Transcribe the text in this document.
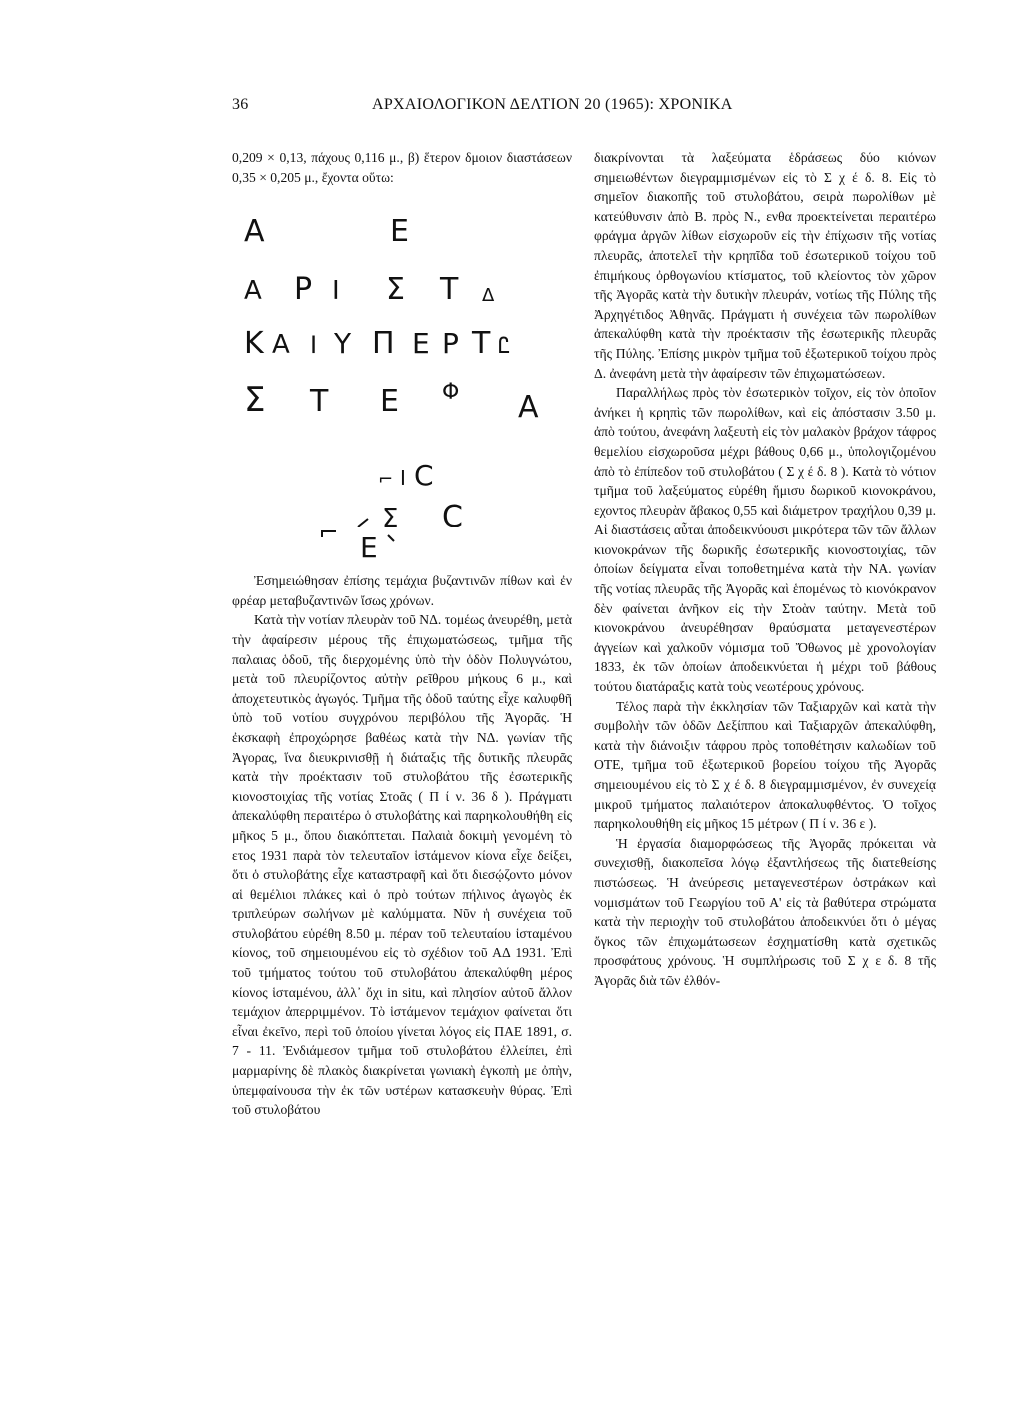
36	ΑΡΧΑΙΟΛΟΓΙΚΟΝ ΔΕΛΤΙΟΝ 20 (1965): ΧΡΟΝΙΚΑ

0,209 × 0,13, πάχους 0,116 μ., β) ἕτερον δμοιον διαστάσεων 0,35 × 0,205 μ., ἔχοντα οὕτω:

Α	Ε
Α Ρ Ι Σ Τ ᐃ
Κ Α Ι Υ Π Ε Ρ Τ Ꮭ
Σ Τ Ε Φ Α
⌐ Ι C
Σ C
Ε

Ἐσημειώθησαν ἐπίσης τεμάχια βυζαντινῶν πίθων καὶ ἐν φρέαρ μεταβυζαντινῶν ἴσως χρόνων.

Κατὰ τὴν νοτίαν πλευρὰν τοῦ ΝΔ. τομέως ἀνευρέθη, μετὰ τὴν ἀφαίρεσιν μέρους τῆς ἐπιχωματώσεως, τμῆμα τῆς παλαιας ὁδοῦ, τῆς διερχομένης ὑπὸ τὴν ὁδὸν Πολυγνώτου, μετὰ τοῦ πλευρίζοντος αὐτὴν ρεῖθρου μήκους 6 μ., καὶ ἀποχετευτικὸς ἀγωγός. Τμῆμα τῆς ὁδοῦ ταύτης εἶχε καλυφθῆ ὑπὸ τοῦ νοτίου συγχρόνου περιβόλου τῆς Ἀγορᾶς. Ἡ ἐκσκαφὴ ἐπροχώρησε βαθέως κατὰ τὴν ΝΔ. γωνίαν τῆς Ἀγορας, ἵνα διευκρινισθῇ ἡ διάταξις τῆς δυτικῆς πλευρᾶς κατὰ τὴν προέκτασιν τοῦ στυλοβάτου τῆς ἐσωτερικῆς κιονοστοιχίας τῆς νοτίας Στοᾶς ( Π ί ν. 36 δ ). Πράγματι ἀπεκαλύφθη περαιτέρω ὁ στυλοβάτης καὶ παρηκολουθήθη εἰς μῆκος 5 μ., ὅπου διακόπτεται. Παλαιὰ δοκιμὴ γενομένη τὸ ετος 1931 παρὰ τὸν τελευταῖον ἱστάμενον κίονα εἶχε δείξει, ὅτι ὁ στυλοβάτης εἶχε καταστραφῆ καὶ ὅτι διεσῴζοντο μόνον αἱ θεμέλιοι πλάκες καὶ ὁ πρὸ τούτων πήλινος ἀγωγὸς ἐκ τριπλεύρων σωλήνων μὲ καλύμματα. Νῦν ἡ συνέχεια τοῦ στυλοβάτου εὑρέθη 8.50 μ. πέραν τοῦ τελευταίου ἱσταμένου κίονος, τοῦ σημειουμένου εἰς τὸ σχέδιον τοῦ ΑΔ 1931. Ἐπὶ τοῦ τμήματος τούτου τοῦ στυλοβάτου ἀπεκαλύφθη μέρος κίονος ἱσταμένου, ἀλλ᾽ ὄχι in situ, καὶ πλησίον αὐτοῦ ἄλλον τεμάχιον ἀπερριμμένον. Τὸ ἱστάμενον τεμάχιον φαίνεται ὅτι εἶναι ἐκεῖνο, περὶ τοῦ ὁποίου γίνεται λόγος εἰς ΠΑΕ 1891, σ. 7 - 11. Ἐνδιάμεσον τμῆμα τοῦ στυλοβάτου ἐλλείπει, ἐπὶ μαρμαρίνης δὲ πλακὸς διακρίνεται γωνιακὴ ἐγκοπὴ με ὀπὴν, ὑπεμφαίνουσα τὴν ἐκ τῶν υστέρων κατασκευὴν θύρας. Ἐπὶ τοῦ στυλοβάτου

διακρίνονται τὰ λαξεύματα ἑδράσεως δύο κιόνων σημειωθέντων διεγραμμισμένων εἰς τὸ Σ χ έ δ. 8. Εἰς τὸ σημεῖον διακοπῆς τοῦ στυλοβάτου, σειρὰ πωρολίθων μὲ κατεύθυνσιν ἀπὸ Β. πρὸς Ν., ενθα προεκτείνεται περαιτέρω φράγμα ἀργῶν λίθων εἰσχωροῦν εἰς τὴν ἐπίχωσιν τῆς νοτίας πλευρᾶς, ἀποτελεῖ τὴν κρηπῖδα τοῦ ἐσωτερικοῦ τοίχου τοῦ ἐπιμήκους ὀρθογωνίου κτίσματος, τοῦ κλείοντος τὸν χῶρον τῆς Ἀγορᾶς κατὰ τὴν δυτικὴν πλευράν, νοτίως τῆς Πύλης τῆς Ἀρχηγέτιδος Ἀθηνᾶς. Πράγματι ἡ συνέχεια τῶν πωρολίθων ἀπεκαλύφθη κατὰ τὴν προέκτασιν τῆς ἐσωτερικῆς πλευρᾶς τῆς Πύλης. Ἐπίσης μικρὸν τμῆμα τοῦ ἐξωτερικοῦ τοίχου πρὸς Δ. ἀνεφάνη μετὰ τὴν ἀφαίρεσιν τῶν ἐπιχωματώσεων.

Παραλλήλως πρὸς τὸν ἐσωτερικὸν τοῖχον, εἰς τὸν ὁποῖον ἀνήκει ἡ κρηπὶς τῶν πωρολίθων, καὶ εἰς ἀπόστασιν 3.50 μ. ἀπὸ τούτου, ἀνεφάνη λαξευτὴ εἰς τὸν μαλακὸν βράχον τάφρος θεμελίου εἰσχωροῦσα μέχρι βάθους 0,66 μ., ὑπολογιζομένου ἀπὸ τὸ ἐπίπεδον τοῦ στυλοβάτου ( Σ χ έ δ. 8 ). Κατὰ τὸ νότιον τμῆμα τοῦ λαξεύματος εὑρέθη ἥμισυ δωρικοῦ κιονοκράνου, εχοντος πλευρὰν ἄβακος 0,55 καὶ διάμετρον τραχήλου 0,39 μ. Αἱ διαστάσεις αὗται ἀποδεικνύουσι μικρότερα τῶν τῶν ἄλλων κιονοκράνων τῆς δωρικῆς ἐσωτερικῆς κιονοστοιχίας, τῶν ὁποίων δείγματα εἶναι τοποθετημένα κατὰ τὴν ΝΑ. γωνίαν τῆς νοτίας πλευρᾶς τῆς Ἀγορᾶς καὶ ἑπομένως τὸ κιονόκρανον δὲν φαίνεται ἀνῆκον εἰς τὴν Στοὰν ταύτην. Μετὰ τοῦ κιονοκράνου ἀνευρέθησαν θραύσματα μεταγενεστέρων ἀγγείων καὶ χαλκοῦν νόμισμα τοῦ Ὄθωνος μὲ χρονολογίαν 1833, ἐκ τῶν ὁποίων ἀποδεικνύεται ἡ μέχρι τοῦ βάθους τούτου διατάραξις κατὰ τοὺς νεωτέρους χρόνους.

Τέλος παρὰ τὴν ἐκκλησίαν τῶν Ταξιαρχῶν καὶ κατὰ τὴν συμβολὴν τῶν ὁδῶν Δεξίππου καὶ Ταξιαρχῶν ἀπεκαλύφθη, κατὰ τὴν διάνοιξιν τάφρου πρὸς τοποθέτησιν καλωδίων τοῦ ΟΤΕ, τμῆμα τοῦ ἐξωτερικοῦ βορείου τοίχου τῆς Ἀγορᾶς σημειουμένου εἰς τὸ Σ χ έ δ. 8 διεγραμμισμένον, ἐν συνεχείᾳ μικροῦ τμήματος παλαιότερον ἀποκαλυφθέντος. Ὁ τοῖχος παρηκολουθήθη εἰς μῆκος 15 μέτρων ( Π ί ν. 36 ε ).

Ἡ ἐργασία διαμορφώσεως τῆς Ἀγορᾶς πρόκειται νὰ συνεχισθῇ, διακοπεῖσα λόγῳ ἐξαντλήσεως τῆς διατεθείσης πιστώσεως. Ἡ ἀνεύρεσις μεταγενεστέρων ὀστράκων καὶ νομισμάτων τοῦ Γεωργίου τοῦ Α' εἰς τὰ βαθύτερα στρώματα κατὰ τὴν περιοχὴν τοῦ στυλοβάτου ἀποδεικνύει ὅτι ὁ μέγας ὄγκος τῶν ἐπιχωμάτωσεων ἐσχηματίσθη κατὰ σχετικῶς προσφάτους χρόνους. Ἡ συμπλήρωσις τοῦ Σ χ ε δ. 8 τῆς Ἀγορᾶς διὰ τῶν ἐλθόν-
